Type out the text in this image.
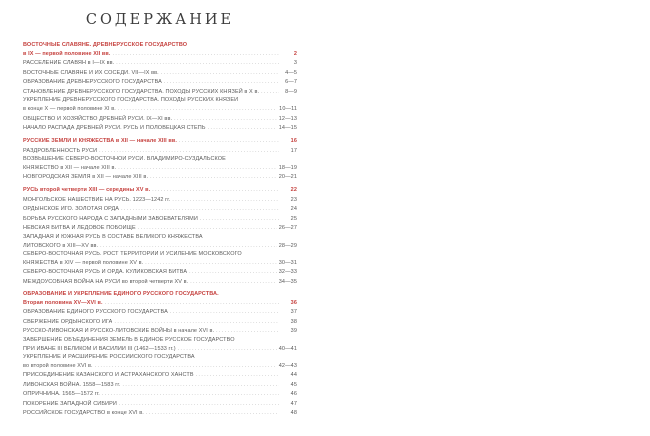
СОДЕРЖАНИЕ
ВОСТОЧНЫЕ СЛАВЯНЕ. ДРЕВНЕРУССКОЕ ГОСУДАРСТВО
в IX — первой половине XII вв. .....	2
РАССЕЛЕНИЕ СЛАВЯН в I—IX вв. .....	3
ВОСТОЧНЫЕ СЛАВЯНЕ И ИХ СОСЕДИ. VII—IX вв. .....	4—5
ОБРАЗОВАНИЕ ДРЕВНЕРУССКОГО ГОСУДАРСТВА .....	6—7
СТАНОВЛЕНИЕ ДРЕВНЕРУССКОГО ГОСУДАРСТВА. ПОХОДЫ РУССКИХ КНЯЗЕЙ в X в. .....	8—9
УКРЕПЛЕНИЕ ДРЕВНЕРУССКОГО ГОСУДАРСТВА. ПОХОДЫ РУССКИХ КНЯЗЕЙ
в конце X — первой половине XI в. .....	10—11
ОБЩЕСТВО И ХОЗЯЙСТВО ДРЕВНЕЙ РУСИ. IX—XI вв. .....	12—13
НАЧАЛО РАСПАДА ДРЕВНЕЙ РУСИ. РУСЬ И ПОЛОВЕЦКАЯ СТЕПЬ .....	14—15
РУССКИЕ ЗЕМЛИ И КНЯЖЕСТВА в XII — начале XIII вв. .....	16
РАЗДРОБЛЕННОСТЬ РУСИ .....	17
ВОЗВЫШЕНИЕ СЕВЕРО-ВОСТОЧНОЙ РУСИ. ВЛАДИМИРО-СУЗДАЛЬСКОЕ
КНЯЖЕСТВО в XII — начале XIII в. .....	18—19
НОВГОРОДСКАЯ ЗЕМЛЯ в XII — начале XIII в. .....	20—21
РУСЬ второй четверти XIII — середины XV в. .....	22
МОНГОЛЬСКОЕ НАШЕСТВИЕ НА РУСЬ. 1223—1242 гг. .....	23
ОРДЫНСКОЕ ИГО. ЗОЛОТАЯ ОРДА .....	24
БОРЬБА РУССКОГО НАРОДА С ЗАПАДНЫМИ ЗАВОЕВАТЕЛЯМИ .....	25
НЕВСКАЯ БИТВА И ЛЕДОВОЕ ПОБОИЩЕ .....	26—27
ЗАПАДНАЯ И ЮЖНАЯ РУСЬ В СОСТАВЕ ВЕЛИКОГО КНЯЖЕСТВА
ЛИТОВСКОГО в XIII—XV вв. .....	28—29
СЕВЕРО-ВОСТОЧНАЯ РУСЬ. РОСТ ТЕРРИТОРИИ И УСИЛЕНИЕ МОСКОВСКОГО
КНЯЖЕСТВА в XIV — первой половине XV в. .....	30—31
СЕВЕРО-ВОСТОЧНАЯ РУСЬ И ОРДА. КУЛИКОВСКАЯ БИТВА .....	32—33
МЕЖДОУСОБНАЯ ВОЙНА НА РУСИ во второй четверти XV в. .....	34—35
ОБРАЗОВАНИЕ И УКРЕПЛЕНИЕ ЕДИНОГО РУССКОГО ГОСУДАРСТВА.
Вторая половина XV—XVI в. .....	36
ОБРАЗОВАНИЕ ЕДИНОГО РУССКОГО ГОСУДАРСТВА .....	37
СВЕРЖЕНИЕ ОРДЫНСКОГО ИГА .....	38
РУССКО-ЛИВОНСКАЯ И РУССКО-ЛИТОВСКИЕ ВОЙНЫ в начале XVI в. .....	39
ЗАВЕРШЕНИЕ ОБЪЕДИНЕНИЯ ЗЕМЕЛЬ В ЕДИНОЕ РУССКОЕ ГОСУДАРСТВО
ПРИ ИВАНЕ III ВЕЛИКОМ И ВАСИЛИИ III (1462—1533 гг.) .....	40—41
УКРЕПЛЕНИЕ И РАСШИРЕНИЕ РОССИЙСКОГО ГОСУДАРСТВА
во второй половине XVI в. .....	42—43
ПРИСОЕДИНЕНИЕ КАЗАНСКОГО И АСТРАХАНСКОГО ХАНСТВ .....	44
ЛИВОНСКАЯ ВОЙНА. 1558—1583 гг. .....	45
ОПРИЧНИНА. 1565—1572 гг. .....	46
ПОКОРЕНИЕ ЗАПАДНОЙ СИБИРИ .....	47
РОССИЙСКОЕ ГОСУДАРСТВО в конце XVI в. .....	48
